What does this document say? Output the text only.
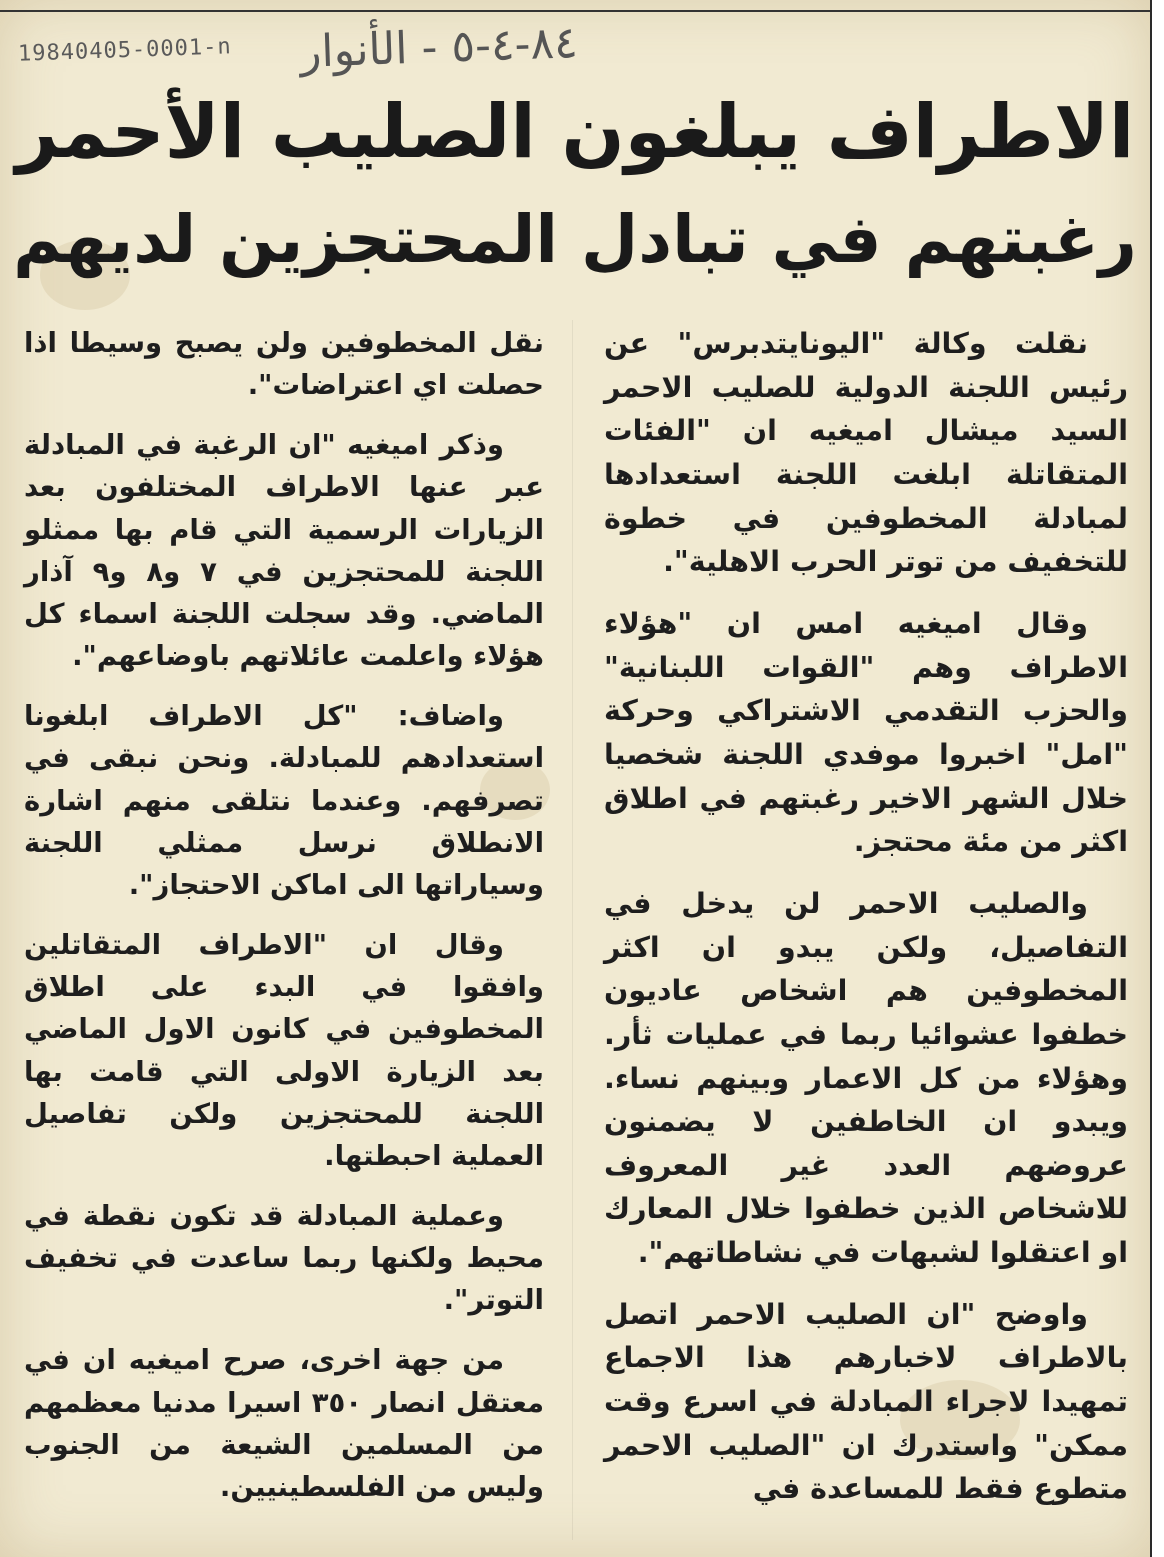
19840405-0001-n ٨٤-٤-٥ - الأنوار
الاطراف يبلغون الصليب الأحمر
رغبتهم في تبادل المحتجزين لديهم

نقلت وكالة "اليونايتدبرس" عن رئيس اللجنة الدولية للصليب الاحمر السيد ميشال اميغيه ان "الفئات المتقاتلة ابلغت اللجنة استعدادها لمبادلة المخطوفين في خطوة للتخفيف من توتر الحرب الاهلية".

وقال اميغيه امس ان "هؤلاء الاطراف وهم "القوات اللبنانية" والحزب التقدمي الاشتراكي وحركة "امل" اخبروا موفدي اللجنة شخصيا خلال الشهر الاخير رغبتهم في اطلاق اكثر من مئة محتجز.

والصليب الاحمر لن يدخل في التفاصيل، ولكن يبدو ان اكثر المخطوفين هم اشخاص عاديون خطفوا عشوائيا ربما في عمليات ثأر. وهؤلاء من كل الاعمار وبينهم نساء. ويبدو ان الخاطفين لا يضمنون عروضهم العدد غير المعروف للاشخاص الذين خطفوا خلال المعارك او اعتقلوا لشبهات في نشاطاتهم".

واوضح "ان الصليب الاحمر اتصل بالاطراف لاخبارهم هذا الاجماع تمهيدا لاجراء المبادلة في اسرع وقت ممكن" واستدرك ان "الصليب الاحمر متطوع فقط للمساعدة في

نقل المخطوفين ولن يصبح وسيطا اذا حصلت اي اعتراضات".

وذكر اميغيه "ان الرغبة في المبادلة عبر عنها الاطراف المختلفون بعد الزيارات الرسمية التي قام بها ممثلو اللجنة للمحتجزين في ٧ و٨ و٩ آذار الماضي. وقد سجلت اللجنة اسماء كل هؤلاء واعلمت عائلاتهم باوضاعهم".

واضاف: "كل الاطراف ابلغونا استعدادهم للمبادلة. ونحن نبقى في تصرفهم. وعندما نتلقى منهم اشارة الانطلاق نرسل ممثلي اللجنة وسياراتها الى اماكن الاحتجاز".

وقال ان "الاطراف المتقاتلين وافقوا في البدء على اطلاق المخطوفين في كانون الاول الماضي بعد الزيارة الاولى التي قامت بها اللجنة للمحتجزين ولكن تفاصيل العملية احبطتها.

وعملية المبادلة قد تكون نقطة في محيط ولكنها ربما ساعدت في تخفيف التوتر".

من جهة اخرى، صرح اميغيه ان في معتقل انصار ٣٥٠ اسيرا مدنيا معظمهم من المسلمين الشيعة من الجنوب وليس من الفلسطينيين.
